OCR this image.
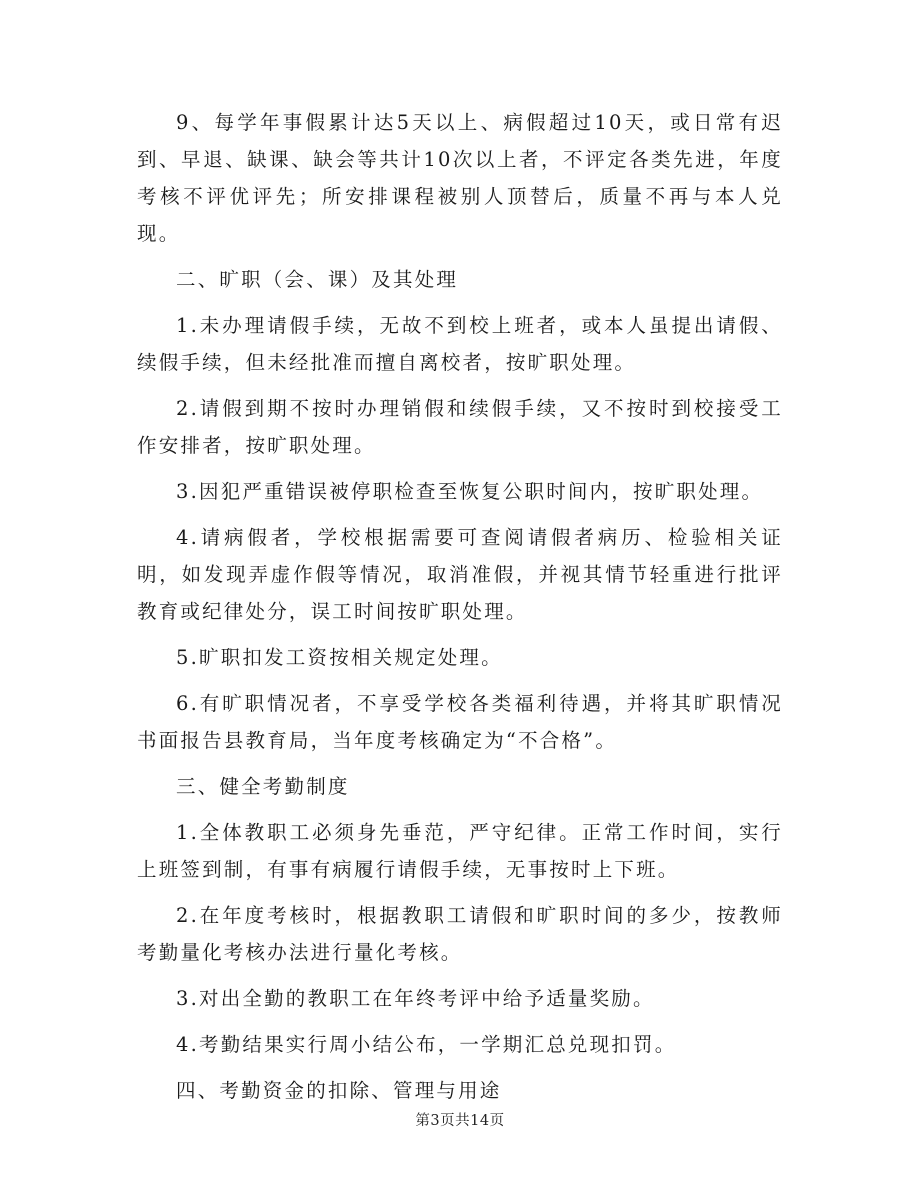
9、每学年事假累计达5天以上、病假超过10天，或日常有迟到、早退、缺课、缺会等共计10次以上者，不评定各类先进，年度考核不评优评先；所安排课程被别人顶替后，质量不再与本人兑现。

二、旷职（会、课）及其处理

1.未办理请假手续，无故不到校上班者，或本人虽提出请假、续假手续，但未经批准而擅自离校者，按旷职处理。

2.请假到期不按时办理销假和续假手续，又不按时到校接受工作安排者，按旷职处理。

3.因犯严重错误被停职检查至恢复公职时间内，按旷职处理。

4.请病假者，学校根据需要可查阅请假者病历、检验相关证明，如发现弄虚作假等情况，取消准假，并视其情节轻重进行批评教育或纪律处分，误工时间按旷职处理。

5.旷职扣发工资按相关规定处理。

6.有旷职情况者，不享受学校各类福利待遇，并将其旷职情况书面报告县教育局，当年度考核确定为“不合格”。

三、健全考勤制度

1.全体教职工必须身先垂范，严守纪律。正常工作时间，实行上班签到制，有事有病履行请假手续，无事按时上下班。

2.在年度考核时，根据教职工请假和旷职时间的多少，按教师考勤量化考核办法进行量化考核。

3.对出全勤的教职工在年终考评中给予适量奖励。

4.考勤结果实行周小结公布，一学期汇总兑现扣罚。

四、考勤资金的扣除、管理与用途

第3页共14页
